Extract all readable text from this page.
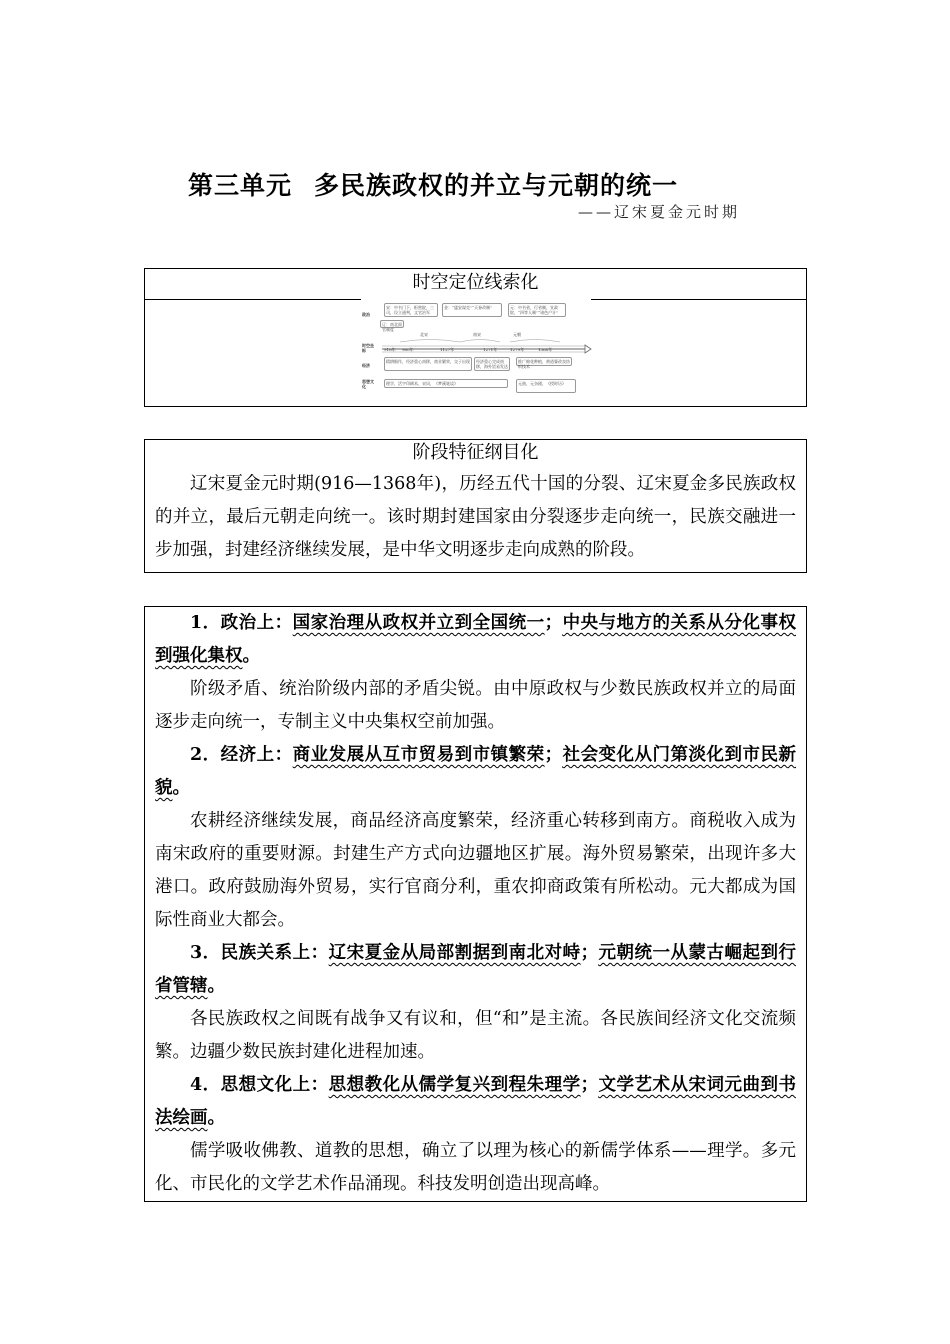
第三单元 多民族政权的并立与元朝的统一
——辽宋夏金元时期
时空定位线索化
政治
时空坐标
经济
思想文化
宋：中书门下，枢密院，三司，设立通判，文官治军
辽：南北面官制度
金：“猛安谋克”“天眷改制”	元：中书省，行省制，宣政院，“四等人制”“诸色户计”
北宋	南宋	元朝
916年 960年	1127年	1271年	1279年	1368年
精耕细作，经济重心南移，商业繁荣，交子出现	经济重心完成南移，海外贸易发达
推广棉花种植，黄道婆改良纺织技术
理学，活字印刷术，宋词，《梦溪笔谈》	元曲，元杂剧，《授时历》
阶段特征纲目化
辽宋夏金元时期(916—1368年)，历经五代十国的分裂、辽宋夏金多民族政权的并立，最后元朝走向统一。该时期封建国家由分裂逐步走向统一，民族交融进一步加强，封建经济继续发展，是中华文明逐步走向成熟的阶段。

1．政治上：国家治理从政权并立到全国统一；中央与地方的关系从分化事权到强化集权。

阶级矛盾、统治阶级内部的矛盾尖锐。由中原政权与少数民族政权并立的局面逐步走向统一，专制主义中央集权空前加强。

2．经济上：商业发展从互市贸易到市镇繁荣；社会变化从门第淡化到市民新貌。

农耕经济继续发展，商品经济高度繁荣，经济重心转移到南方。商税收入成为南宋政府的重要财源。封建生产方式向边疆地区扩展。海外贸易繁荣，出现许多大港口。政府鼓励海外贸易，实行官商分利，重农抑商政策有所松动。元大都成为国际性商业大都会。

3．民族关系上：辽宋夏金从局部割据到南北对峙；元朝统一从蒙古崛起到行省管辖。

各民族政权之间既有战争又有议和，但“和”是主流。各民族间经济文化交流频繁。边疆少数民族封建化进程加速。

4．思想文化上：思想教化从儒学复兴到程朱理学；文学艺术从宋词元曲到书法绘画。

儒学吸收佛教、道教的思想，确立了以理为核心的新儒学体系——理学。多元化、市民化的文学艺术作品涌现。科技发明创造出现高峰。
